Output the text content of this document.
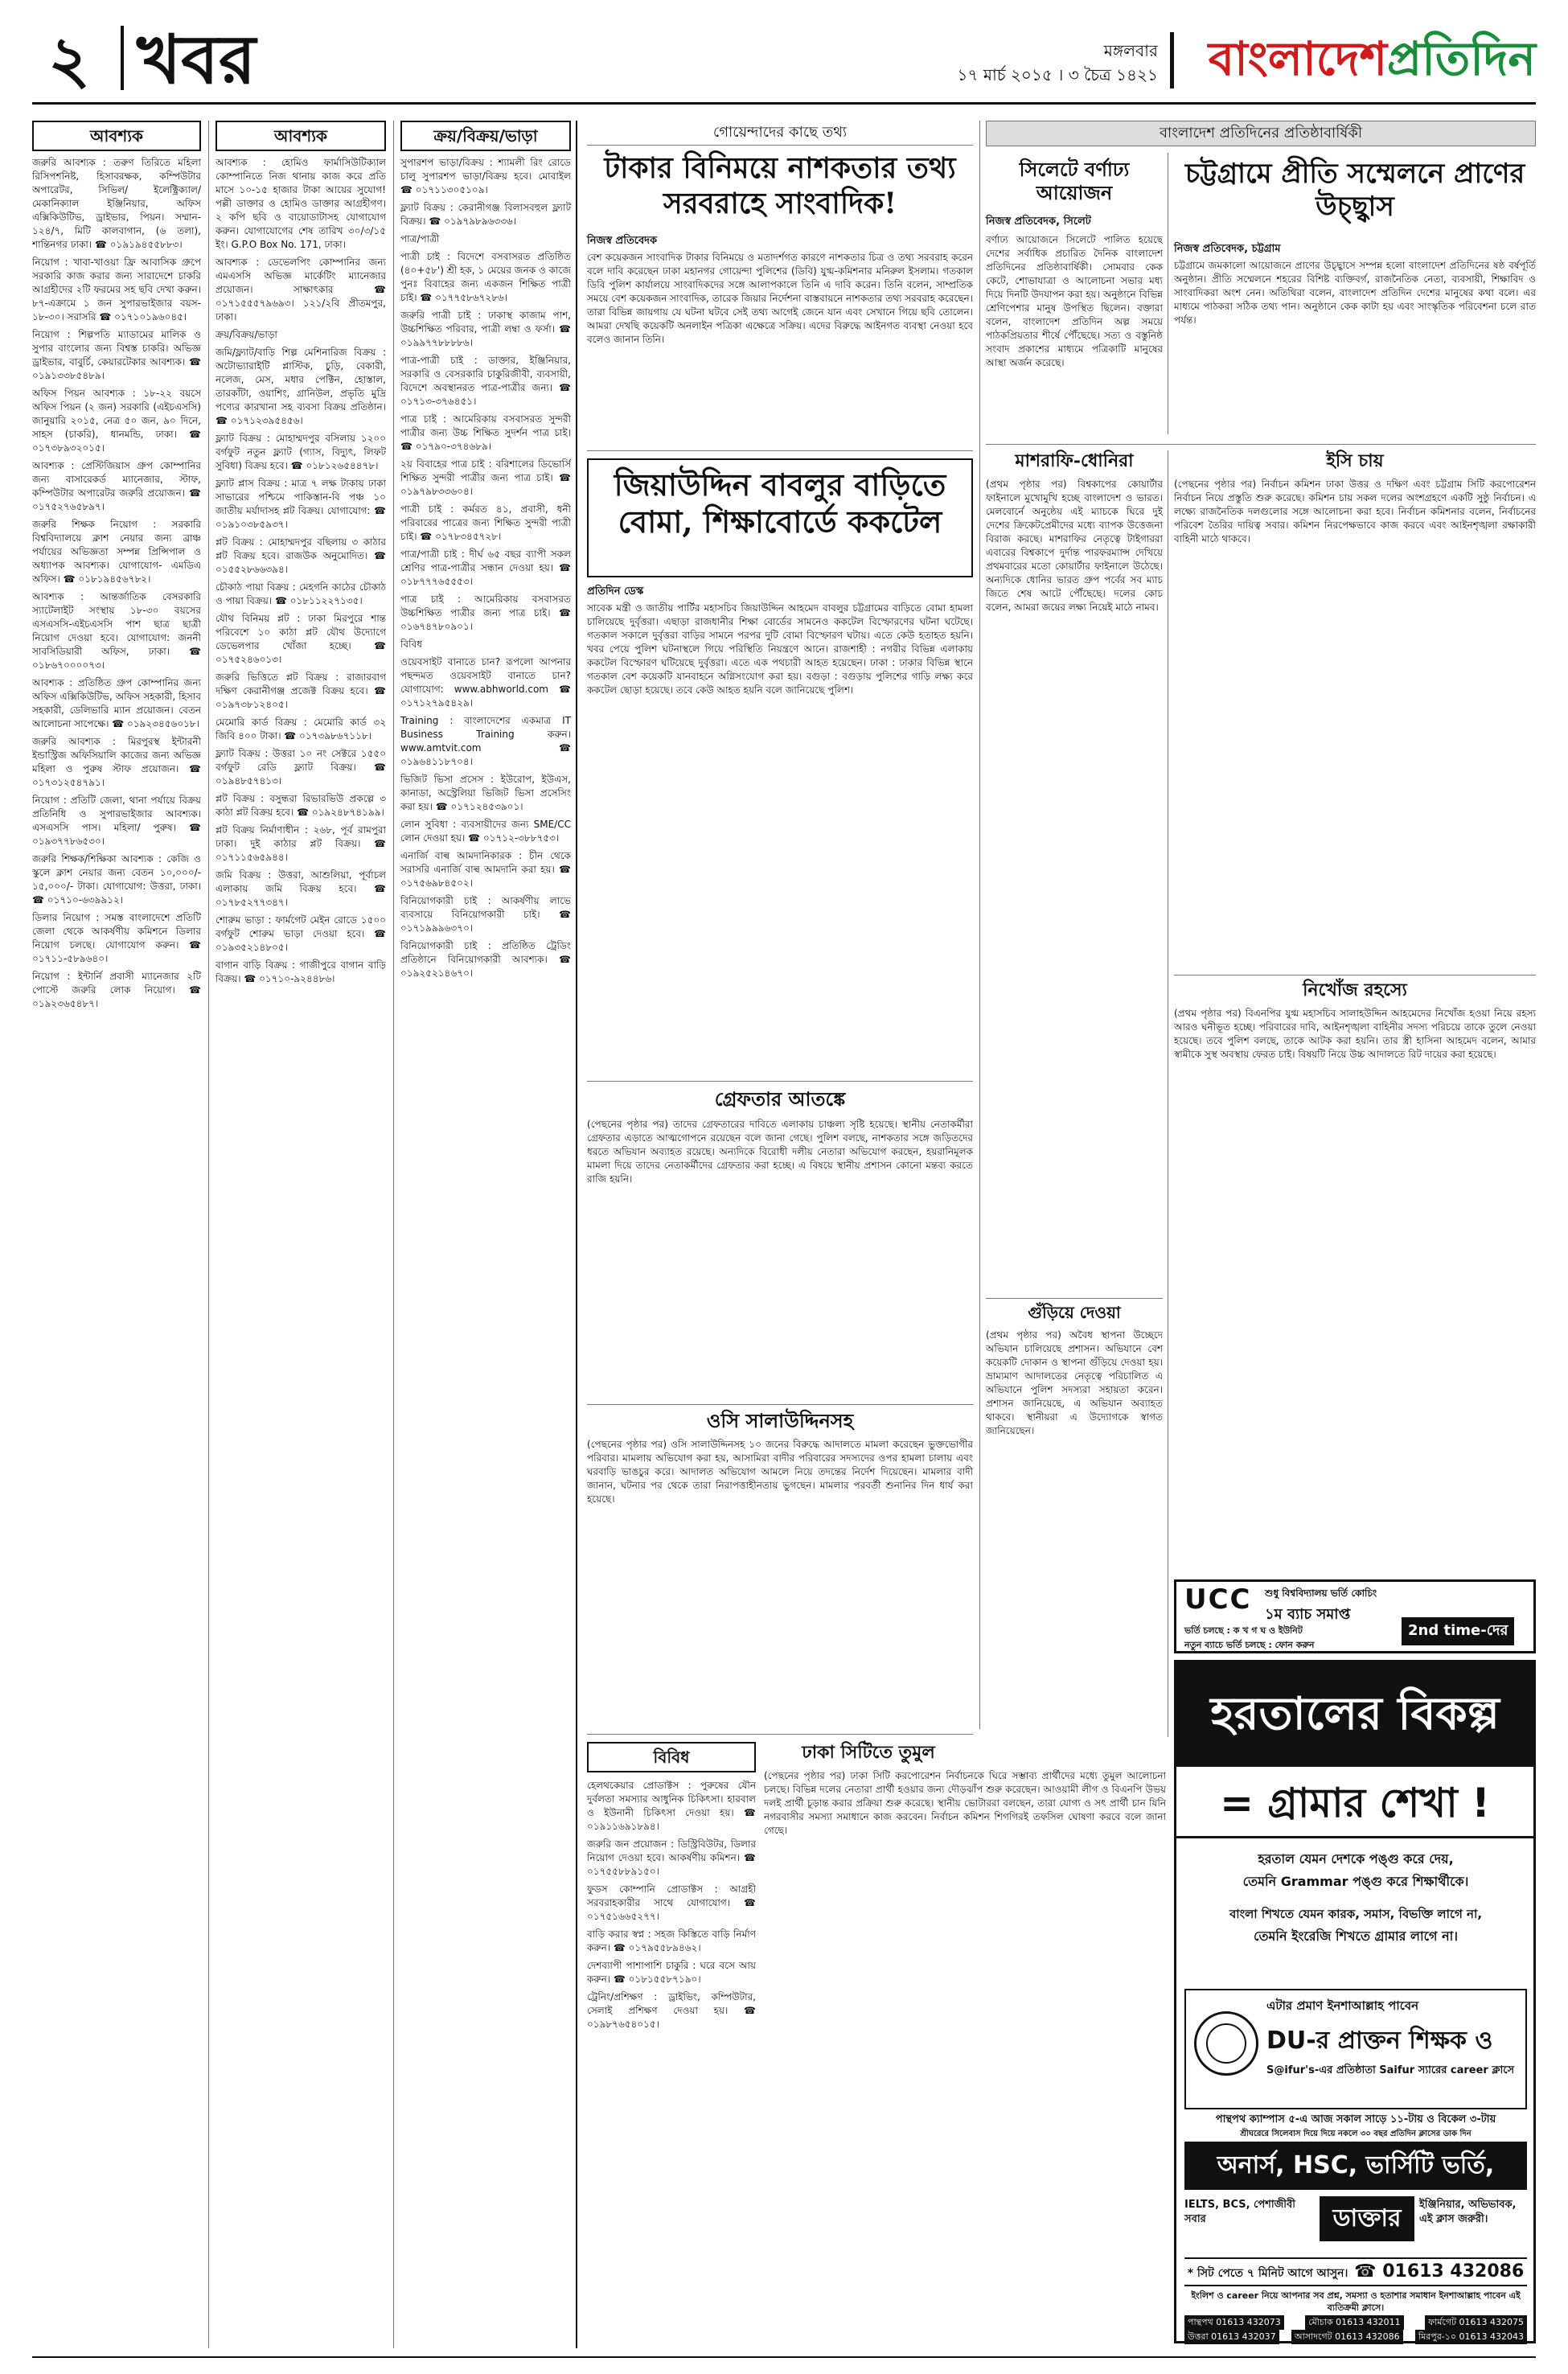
২ খবর	মঙ্গলবার
১৭ মার্চ ২০১৫ । ৩ চৈত্র ১৪২১ বাংলাদেশপ্রতিদিন
আবশ্যক
জরুরি আবশ্যক : তরুণ তিরিতে মহিলা রিসিপশনিষ্ট, হিসাবরক্ষক, কম্পিউটার অপারেটর, সিভিল/ ইলেক্ট্রিক্যাল/মেকানিক্যাল ইঞ্জিনিয়ার, অফিস এক্সিকিউটিভ, ড্রাইভার, পিয়ন। সম্মান- ১২৪/৭, মিটি কালবাগান, (৬ তলা), শান্তিনগর ঢাকা। ☎ ০১৯১৯৪৫৫৮৮৩।
নিয়োগ : খাবা-খাওয়া ফ্রি আবাসিক গ্রুপে সরকারি কাজ করার জন্য সারাদেশে চাকরি আগ্রহীদের ২টি ফরমের সহ ছবি দেখা করুন। ৮৭-এক্রামে ১ জন সুপারভাইজার বয়স- ১৮-৩০। সরাসরি ☎ ০১৭১০১৯৬০৪৫।
নিয়োগ : শিল্পপতি ম্যাডামের মালিক ও সুপার বাংলোর জন্য বিশ্বস্ত চাকরি। অভিজ্ঞ ড্রাইভার, বাবুর্চি, কেয়ারটেকার আবশ্যক। ☎ ০১৯১৩৩৮৫৪৮৯।
অফিস পিয়ন আবশ্যক : ১৮-২২ বয়সে অফিস পিয়ন (২ জন) সরকারি (এইচএসসি) জানুয়ারি ২০১৫, নেত্র ৫০ জন, ৯০ দিনে, সাহস (চাকরি), ধানমন্ডি, ঢাকা। ☎ ০১৭৩৮৯৩২০১৫।
আবশ্যক : প্রেস্টিজিয়াস গ্রুপ কোম্পানির জন্য বাসারেকর্ড ম্যানেজার, স্টাফ, কম্পিউটার অপারেটর জরুরি প্রয়োজন। ☎ ০১৭৫২৭৬৫৮৯৭।
জরুরি শিক্ষক নিয়োগ : সরকারি বিশ্ববিদ্যালয়ে ক্লাশ নেয়ার জন্য ব্রাঞ্চ পর্যায়ের অভিজ্ঞতা সম্পন্ন প্রিন্সিপাল ও অধ্যাপক আবশ্যক। যোগাযোগ- এমডিএ অফিস। ☎ ০১৮১৯৪৫৬৭৮২।
আবশ্যক : আন্তর্জাতিক বেসরকারি স্যাটেলাইট সংস্থায় ১৮-৩০ বয়সের এসএসসি-এইচএসসি পাশ ছাত্র ছাত্রী নিয়োগ দেওয়া হবে। যোগাযোগ: জননী সাবসিডিয়ারী অফিস, ঢাকা। ☎ ০১৮৬৭০০০০৭৩।
আবশ্যক : প্রতিষ্ঠিত গ্রুপ কোম্পানির জন্য অফিস এক্সিকিউটিভ, অফিস সহকারী, হিসাব সহকারী, ডেলিভারি ম্যান প্রয়োজন। বেতন আলোচনা সাপেক্ষে। ☎ ০১৯২৩৪৫৬০১৮।
জরুরি আবশ্যক : মিরপুরস্থ ইন্টারনী ইন্ডাস্ট্রিজ অফিসিয়ালি কাজের জন্য অভিজ্ঞ মহিলা ও পুরুষ স্টাফ প্রয়োজন। ☎ ০১৭৩১২৫৪৭৯১।
নিয়োগ : প্রতিটি জেলা, থানা পর্যায়ে বিক্রয় প্রতিনিধি ও সুপারভাইজার আবশ্যক। এসএসসি পাস। মহিলা/ পুরুষ। ☎ ০১৯৩৭৭৮৬৫৩০।
জরুরি শিক্ষক/শিক্ষিকা আবশ্যক : কেজি ও স্কুলে ক্লাশ নেয়ার জন্য বেতন ১০,০০০/- ১৫,০০০/- টাকা। যোগাযোগ: উত্তরা, ঢাকা। ☎ ০১৭১০-৬৩৯৯১২।
ডিলার নিয়োগ : সমস্ত বাংলাদেশে প্রতিটি জেলা থেকে আকর্ষণীয় কমিশনে ডিলার নিয়োগ চলছে। যোগাযোগ করুন। ☎ ০১৭১১-৫৮৯৬৪০।
নিয়োগ : ইন্টার্নি প্রবাসী ম্যানেজার ২টি পোস্টে জরুরি লোক নিয়োগ। ☎ ০১৯২৩৬৫৪৮৭।
আবশ্যক
আবশ্যক : হোমিও ফার্মাসিউটিক্যাল কোম্পানিতে নিজ থানায় কাজ করে প্রতি মাসে ১০-১৫ হাজার টাকা আয়ের সুযোগ! পল্লী ডাক্তার ও হোমিও ডাক্তার আগ্রহীগণ। ২ কপি ছবি ও বায়োডাটাসহ যোগাযোগ করুন। যোগাযোগের শেষ তারিখ ৩০/৩/১৫ ইং। G.P.O Box No. 171, ঢাকা।
আবশ্যক : ডেভেলপিং কোম্পানির জন্য এমএসসি অভিজ্ঞ মার্কেটিং ম্যানেজার প্রয়োজন। সাক্ষাৎকার ☎ ০১৭১৫৫৫৭৯৬৯৩। ১২১/২বি প্রীতমপুর, ঢাকা।
ক্রয়/বিক্রয়/ভাড়া
জমি/ফ্ল্যাট/বাড়ি শিল্প মেশিনারিজ বিক্রয় : অটোভ্যারাইটি প্লাস্টিক, চুড়ি, বেকারী, নলেজ, মেস, মধার পেক্টিন, হোস্তাল, তারকাঁটা, ওয়াশিং, গ্রানিউল, প্রভৃতি মুদ্রি পণ্যের কারখানা সহ ব্যবসা বিক্রয় প্রতিষ্ঠান। ☎ ০১৭১২৩৯৫৪৫৬।
ফ্ল্যাট বিক্রয় : মোহাম্মদপুর বসিলায় ১২০০ বর্গফুট নতুন ফ্ল্যাট (গ্যাস, বিদ্যুৎ, লিফট সুবিধা) বিক্রয় হবে। ☎ ০১৮১২৬৫৪৪৭৮।
ফ্ল্যাট প্লাস বিক্রয় : মাত্র ৭ লক্ষ টাকায় ঢাকা সাভারের পশ্চিমে পাকিস্তান-বি পঞ্চ ১০ জাতীয় মর্যাদাসহ প্লট বিক্রয়। যোগাযোগ: ☎ ০১৯১০৩৮৫৯৩৭।
প্লট বিক্রয় : মোহাম্মদপুর বছিলায় ৩ কাঠার প্লট বিক্রয় হবে। রাজউক অনুমোদিত। ☎ ০১৫৫২৮৬৬৩৯৪।
চৌকাঠ পায়া বিক্রয় : মেহগনি কাঠের চৌকাঠ ও পায়া বিক্রয়। ☎ ০১৮১১২২৭১৩৫।
যৌথ বিনিময় প্লট : ঢাকা মিরপুরে শান্ত পরিবেশে ১০ কাঠা প্লট যৌথ উদ্যোগে ডেভেলপার খোঁজা হচ্ছে। ☎ ০১৭৫২৪৬০১৩।
জরুরি ভিত্তিতে প্লট বিক্রয় : রাজারবাগ দক্ষিণ কেরানীগঞ্জ প্রজেক্ট বিক্রয় হবে। ☎ ০১৯৭৩৮১২৪০৫।
মেমোরি কার্ড বিক্রয় : মেমোরি কার্ড ৩২ জিবি ৪০০ টাকা। ☎ ০১৭৩৯৮৬৭১১৮।
ফ্ল্যাট বিক্রয় : উত্তরা ১০ নং সেক্টরে ১৫৫০ বর্গফুট রেডি ফ্ল্যাট বিক্রয়। ☎ ০১৯৪৮৫৭৪১৩।
প্লট বিক্রয় : বসুন্ধরা রিভারভিউ প্রকল্পে ৩ কাঠা প্লট বিক্রয় হবে। ☎ ০১৯২৪৮৭৪১৯৯।
প্লট বিক্রয় নির্মাণাধীন : ২৬৮, পূর্ব রামপুরা ঢাকা। দুই কাঠার প্লট বিক্রয়। ☎ ০১৭১১৫৬৫৯৪৪।
জমি বিক্রয় : উত্তরা, আশুলিয়া, পূর্বাচল এলাকায় জমি বিক্রয় হবে। ☎ ০১৭৮৫২৭৭৩৪৭।
শোরুম ভাড়া : ফার্মগেট মেইন রোডে ১৫০০ বর্গফুট শোরুম ভাড়া দেওয়া হবে। ☎ ০১৯৩৫২১৪৮০৫।
বাগান বাড়ি বিক্রয় : গাজীপুরে বাগান বাড়ি বিক্রয়। ☎ ০১৭১০-৯২৪৪৮৬।
ক্রয়/বিক্রয়/ভাড়া
সুপারশপ ভাড়া/বিক্রয় : শ্যামলী রিং রোডে চালু সুপারশপ ভাড়া/বিক্রয় হবে। মোবাইল ☎ ০১৭১১৩০৫১০৯।
ফ্ল্যাট বিক্রয় : কেরানীগঞ্জ বিলাসবহুল ফ্ল্যাট বিক্রয়। ☎ ০১৯৭৯৮৯৬৩৩৬।
পাত্র/পাত্রী
পাত্রী চাই : বিদেশে বসবাসরত প্রতিষ্ঠিত (৪০+৫৮') শ্রী হক, ১ মেয়ের জনক ও কাজে পুনঃ বিবাহের জন্য একজন শিক্ষিত পাত্রী চাই। ☎ ০১৭৭৫৮৬৭২৮৬।
জরুরি পাত্রী চাই : ঢাকাস্থ কাজাম পাশ, উচ্চশিক্ষিত পরিবার, পাত্রী লম্বা ও ফর্সা। ☎ ০১৯৯৭৭৮৮৮৮৬।
পাত্র-পাত্রী চাই : ডাক্তার, ইঞ্জিনিয়ার, সরকারি ও বেসরকারি চাকুরিজীবী, ব্যবসায়ী, বিদেশে অবস্থানরত পাত্র-পাত্রীর জন্য। ☎ ০১৭১৩-৩৭৬৪৫১।
পাত্র চাই : আমেরিকায় বসবাসরত সুন্দরী পাত্রীর জন্য উচ্চ শিক্ষিত সুদর্শন পাত্র চাই। ☎ ০১৭৯০-৩৭৪৬৮৯।
২য় বিবাহের পাত্র চাই : বরিশালের ডিভোর্সি শিক্ষিত সুন্দরী পাত্রীর জন্য পাত্র চাই। ☎ ০১৯৭৯৮৩৩৬০৪।
পাত্রী চাই : কর্মরত ৪১, প্রবাসী, ধনী পরিবারের পাত্রের জন্য শিক্ষিত সুন্দরী পাত্রী চাই। ☎ ০১৭৮৩৪৫৭২৮।
পাত্র/পাত্রী চাই : দীর্ঘ ৬৫ বছর ব্যাপী সকল শ্রেণির পাত্র-পাত্রীর সন্ধান দেওয়া হয়। ☎ ০১৮৭৭৭৬৫৫৫৩।
পাত্র চাই : আমেরিকায় বসবাসরত উচ্চশিক্ষিত পাত্রীর জন্য পাত্র চাই। ☎ ০১৬৭৪৭৮০৯০১।
বিবিধ
ওয়েবসাইট বানাতে চান? রূপলো আপনার পছন্দমত ওয়েবসাইট বানাতে চান? যোগাযোগ: www.abhworld.com ☎ ০১৭১২৭৯৫৪২৯।
Training : বাংলাদেশের একমাত্র IT Business Training করুন। www.amtvit.com ☎ ০১৯৬৪১১৮৭০৪।
ভিজিট ভিসা প্রসেস : ইউরোপ, ইউএস, কানাডা, অস্ট্রেলিয়া ভিজিট ভিসা প্রসেসিং করা হয়। ☎ ০১৭১২৪৫৩৯০১।
লোন সুবিধা : ব্যবসায়ীদের জন্য SME/CC লোন দেওয়া হয়। ☎ ০১৭১২-৩৮৮৭৫৩।
এনার্জি বাল্ব আমদানিকারক : চীন থেকে সরাসরি এনার্জি বাল্ব আমদানি করা হয়। ☎ ০১৭৫৬৯৮৪৫০২।
বিনিয়োগকারী চাই : আকর্ষণীয় লাভে ব্যবসায়ে বিনিয়োগকারী চাই। ☎ ০১৭১৯৯৯৬৩৭০।
বিনিয়োগকারী চাই : প্রতিষ্ঠিত ট্রেডিং প্রতিষ্ঠানে বিনিয়োগকারী আবশ্যক। ☎ ০১৯২৫২১৪৬৭০।
গোয়েন্দাদের কাছে তথ্য
টাকার বিনিময়ে নাশকতার তথ্য সরবরাহে সাংবাদিক!
নিজস্ব প্রতিবেদক
বেশ কয়েকজন সাংবাদিক টাকার বিনিময়ে ও মতাদর্শগত কারণে নাশকতার চিত্র ও তথ্য সরবরাহ করেন বলে দাবি করেছেন ঢাকা মহানগর গোয়েন্দা পুলিশের (ডিবি) যুগ্ম-কমিশনার মনিরুল ইসলাম। গতকাল ডিবি পুলিশ কার্যালয়ে সাংবাদিকদের সঙ্গে আলাপকালে তিনি এ দাবি করেন। তিনি বলেন, সাম্প্রতিক সময়ে বেশ কয়েকজন সাংবাদিক, তারেক জিয়ার নির্দেশনা বাস্তবায়নে নাশকতার তথ্য সরবরাহ করেছেন। তারা বিভিন্ন জায়গায় যে ঘটনা ঘটবে সেই তথ্য আগেই জেনে যান এবং সেখানে গিয়ে ছবি তোলেন। আমরা দেখছি কয়েকটি অনলাইন পত্রিকা এক্ষেত্রে সক্রিয়। এদের বিরুদ্ধে আইনগত ব্যবস্থা নেওয়া হবে বলেও জানান তিনি।
জিয়াউদ্দিন বাবলুর বাড়িতে বোমা, শিক্ষাবোর্ডে ককটেল
প্রতিদিন ডেস্ক
সাবেক মন্ত্রী ও জাতীয় পার্টির মহাসচিব জিয়াউদ্দিন আহমেদ বাবলুর চট্টগ্রামের বাড়িতে বোমা হামলা চালিয়েছে দুর্বৃত্তরা। এছাড়া রাজধানীর শিক্ষা বোর্ডের সামনেও ককটেল বিস্ফোরণের ঘটনা ঘটেছে। গতকাল সকালে দুর্বৃত্তরা বাড়ির সামনে পরপর দুটি বোমা বিস্ফোরণ ঘটায়। এতে কেউ হতাহত হয়নি। খবর পেয়ে পুলিশ ঘটনাস্থলে গিয়ে পরিস্থিতি নিয়ন্ত্রণে আনে। রাজশাহী : নগরীর বিভিন্ন এলাকায় ককটেল বিস্ফোরণ ঘটিয়েছে দুর্বৃত্তরা। এতে এক পথচারী আহত হয়েছেন। ঢাকা : ঢাকার বিভিন্ন স্থানে গতকাল বেশ কয়েকটি যানবাহনে অগ্নিসংযোগ করা হয়। বগুড়া : বগুড়ায় পুলিশের গাড়ি লক্ষ্য করে ককটেল ছোড়া হয়েছে। তবে কেউ আহত হয়নি বলে জানিয়েছে পুলিশ।
গ্রেফতার আতঙ্কে
(পেছনের পৃষ্ঠার পর) তাদের গ্রেফতারের দাবিতে এলাকায় চাঞ্চল্য সৃষ্টি হয়েছে। স্থানীয় নেতাকর্মীরা গ্রেফতার এড়াতে আত্মগোপনে রয়েছেন বলে জানা গেছে। পুলিশ বলছে, নাশকতার সঙ্গে জড়িতদের ধরতে অভিযান অব্যাহত রয়েছে। অন্যদিকে বিরোধী দলীয় নেতারা অভিযোগ করছেন, হয়রানিমূলক মামলা দিয়ে তাদের নেতাকর্মীদের গ্রেফতার করা হচ্ছে। এ বিষয়ে স্থানীয় প্রশাসন কোনো মন্তব্য করতে রাজি হয়নি।
ওসি সালাউদ্দিনসহ
(পেছনের পৃষ্ঠার পর) ওসি সালাউদ্দিনসহ ১০ জনের বিরুদ্ধে আদালতে মামলা করেছেন ভুক্তভোগীর পরিবার। মামলায় অভিযোগ করা হয়, আসামিরা বাদীর পরিবারের সদস্যদের ওপর হামলা চালায় এবং ঘরবাড়ি ভাঙচুর করে। আদালত অভিযোগ আমলে নিয়ে তদন্তের নির্দেশ দিয়েছেন। মামলার বাদী জানান, ঘটনার পর থেকে তারা নিরাপত্তাহীনতায় ভুগছেন। মামলার পরবর্তী শুনানির দিন ধার্য করা হয়েছে।
বিবিধ
হেলথকেয়ার প্রোডাক্টস : পুরুষের যৌন দুর্বলতা সমস্যার আধুনিক চিকিৎসা। হারবাল ও ইউনানী চিকিৎসা দেওয়া হয়। ☎ ০১৯১১৬৯১৮৯৪।
জরুরি জন প্রয়োজন : ডিস্ট্রিবিউটর, ডিলার নিয়োগ দেওয়া হবে। আকর্ষণীয় কমিশন। ☎ ০১৭৫৫৮৮৯১৫০।
ফুডস কোম্পানি প্রোডাক্টস : আগ্রহী সরবরাহকারীর সাথে যোগাযোগ। ☎ ০১৭৫১৬৬৫২৭৭।
বাড়ি করার স্বপ্ন : সহজ কিস্তিতে বাড়ি নির্মাণ করুন। ☎ ০১৭৯৫৫৮৯৪৬২।
দেশব্যাপী পাশাপাশি চাকুরি : ঘরে বসে আয় করুন। ☎ ০১৮১৫৫৮৭১৯০।
ট্রেনিং/প্রশিক্ষণ : ড্রাইভিং, কম্পিউটার, সেলাই প্রশিক্ষণ দেওয়া হয়। ☎ ০১৯৮৭৬৫৪০১৫।
ঢাকা সিটিতে তুমুল
(পেছনের পৃষ্ঠার পর) ঢাকা সিটি করপোরেশন নির্বাচনকে ঘিরে সম্ভাব্য প্রার্থীদের মধ্যে তুমুল আলোচনা চলছে। বিভিন্ন দলের নেতারা প্রার্থী হওয়ার জন্য দৌড়ঝাঁপ শুরু করেছেন। আওয়ামী লীগ ও বিএনপি উভয় দলই প্রার্থী চূড়ান্ত করার প্রক্রিয়া শুরু করেছে। স্থানীয় ভোটাররা বলছেন, তারা যোগ্য ও সৎ প্রার্থী চান যিনি নগরবাসীর সমস্যা সমাধানে কাজ করবেন। নির্বাচন কমিশন শিগগিরই তফসিল ঘোষণা করবে বলে জানা গেছে।
বাংলাদেশ প্রতিদিনের প্রতিষ্ঠাবার্ষিকী
সিলেটে বর্ণাঢ্য আয়োজন
নিজস্ব প্রতিবেদক, সিলেট
বর্ণাঢ্য আয়োজনে সিলেটে পালিত হয়েছে দেশের সর্বাধিক প্রচারিত দৈনিক বাংলাদেশ প্রতিদিনের প্রতিষ্ঠাবার্ষিকী। সোমবার কেক কেটে, শোভাযাত্রা ও আলোচনা সভার মধ্য দিয়ে দিনটি উদযাপন করা হয়। অনুষ্ঠানে বিভিন্ন শ্রেণিপেশার মানুষ উপস্থিত ছিলেন। বক্তারা বলেন, বাংলাদেশ প্রতিদিন অল্প সময়ে পাঠকপ্রিয়তার শীর্ষে পৌঁছেছে। সত্য ও বস্তুনিষ্ঠ সংবাদ প্রকাশের মাধ্যমে পত্রিকাটি মানুষের আস্থা অর্জন করেছে।
চট্টগ্রামে প্রীতি সম্মেলনে প্রাণের উচ্ছ্বাস
নিজস্ব প্রতিবেদক, চট্টগ্রাম
চট্টগ্রামে জমকালো আয়োজনে প্রাণের উচ্ছ্বাসে সম্পন্ন হলো বাংলাদেশ প্রতিদিনের ষষ্ঠ বর্ষপূর্তি অনুষ্ঠান। প্রীতি সম্মেলনে শহরের বিশিষ্ট ব্যক্তিবর্গ, রাজনৈতিক নেতা, ব্যবসায়ী, শিক্ষাবিদ ও সাংবাদিকরা অংশ নেন। অতিথিরা বলেন, বাংলাদেশ প্রতিদিন দেশের মানুষের কথা বলে। এর মাধ্যমে পাঠকরা সঠিক তথ্য পান। অনুষ্ঠানে কেক কাটা হয় এবং সাংস্কৃতিক পরিবেশনা চলে রাত পর্যন্ত।
মাশরাফি-ধোনিরা
(প্রথম পৃষ্ঠার পর) বিশ্বকাপের কোয়ার্টার ফাইনালে মুখোমুখি হচ্ছে বাংলাদেশ ও ভারত। মেলবোর্নে অনুষ্ঠেয় এই ম্যাচকে ঘিরে দুই দেশের ক্রিকেটপ্রেমীদের মধ্যে ব্যাপক উত্তেজনা বিরাজ করছে। মাশরাফির নেতৃত্বে টাইগাররা এবারের বিশ্বকাপে দুর্দান্ত পারফরম্যান্স দেখিয়ে প্রথমবারের মতো কোয়ার্টার ফাইনালে উঠেছে। অন্যদিকে ধোনির ভারত গ্রুপ পর্বের সব ম্যাচ জিতে শেষ আটে পৌঁছেছে। দলের কোচ বলেন, আমরা জয়ের লক্ষ্য নিয়েই মাঠে নামব।
ইসি চায়
(পেছনের পৃষ্ঠার পর) নির্বাচন কমিশন ঢাকা উত্তর ও দক্ষিণ এবং চট্টগ্রাম সিটি করপোরেশন নির্বাচন নিয়ে প্রস্তুতি শুরু করেছে। কমিশন চায় সকল দলের অংশগ্রহণে একটি সুষ্ঠু নির্বাচন। এ লক্ষ্যে রাজনৈতিক দলগুলোর সঙ্গে আলোচনা করা হবে। নির্বাচন কমিশনার বলেন, নির্বাচনের পরিবেশ তৈরির দায়িত্ব সবার। কমিশন নিরপেক্ষভাবে কাজ করবে এবং আইনশৃঙ্খলা রক্ষাকারী বাহিনী মাঠে থাকবে।
নিখোঁজ রহস্যে
(প্রথম পৃষ্ঠার পর) বিএনপির যুগ্ম মহাসচিব সালাহউদ্দিন আহমেদের নিখোঁজ হওয়া নিয়ে রহস্য আরও ঘনীভূত হচ্ছে। পরিবারের দাবি, আইনশৃঙ্খলা বাহিনীর সদস্য পরিচয়ে তাকে তুলে নেওয়া হয়েছে। তবে পুলিশ বলছে, তাকে আটক করা হয়নি। তার স্ত্রী হাসিনা আহমেদ বলেন, আমার স্বামীকে সুস্থ অবস্থায় ফেরত চাই। বিষয়টি নিয়ে উচ্চ আদালতে রিট দায়ের করা হয়েছে।
গুঁড়িয়ে দেওয়া
(প্রথম পৃষ্ঠার পর) অবৈধ স্থাপনা উচ্ছেদে অভিযান চালিয়েছে প্রশাসন। অভিযানে বেশ কয়েকটি দোকান ও স্থাপনা গুঁড়িয়ে দেওয়া হয়। ভ্রাম্যমাণ আদালতের নেতৃত্বে পরিচালিত এ অভিযানে পুলিশ সদস্যরা সহায়তা করেন। প্রশাসন জানিয়েছে, এ অভিযান অব্যাহত থাকবে। স্থানীয়রা এ উদ্যোগকে স্বাগত জানিয়েছেন।
UCC শুধু বিশ্ববিদ্যালয় ভর্তি কোচিং
১ম ব্যাচ সমাপ্ত
ভর্তি চলছে : ক খ গ ঘ ও ইউনিট	2nd time-দের
নতুন ব্যাচে ভর্তি চলছে : ফোন করুন
হরতালের বিকল্প
= গ্রামার শেখা !
হরতাল যেমন দেশকে পঙ্গু করে দেয়,
তেমনি Grammar পঙ্গু করে শিক্ষার্থীকে।
বাংলা শিখতে যেমন কারক, সমাস, বিভক্তি লাগে না,
তেমনি ইংরেজি শিখতে গ্রামার লাগে না।
এটার প্রমাণ ইনশাআল্লাহ পাবেন
DU-র প্রাক্তন শিক্ষক ও
S@ifur's-এর প্রতিষ্ঠাতা Saifur স্যারের career ক্লাসে
পান্থপথ ক্যাম্পাস ৫-এ আজ সকাল সাড়ে ১১-টায় ও বিকেল ৩-টায়
শ্রীঘরেরে সিলেবাস দিয়ে দিয়ে নকলে ৩০ বছর প্রতিদিন ক্লাসের ডাক দিন
অনার্স, HSC, ভার্সিটি ভর্তি,
IELTS, BCS, পেশাজীবী সবার	ডাক্তার	ইঞ্জিনিয়ার, অভিভাবক, এই ক্লাস জরুরী।
* সিট পেতে ৭ মিনিট আগে আসুন। ☎ 01613 432086
ইংলিশ ও career নিয়ে আপনার সব প্রশ্ন, সমস্যা ও হতাশার সমাধান ইনশাআল্লাহ পাবেন এই ব্যতিক্রমী ক্লাসে।
পান্থপথ 01613 432073	মৌচাক 01613 432011	ফার্মগেট 01613 432075
উত্তরা 01613 432037	আসাদগেট 01613 432086	মিরপুর-১০ 01613 432043
